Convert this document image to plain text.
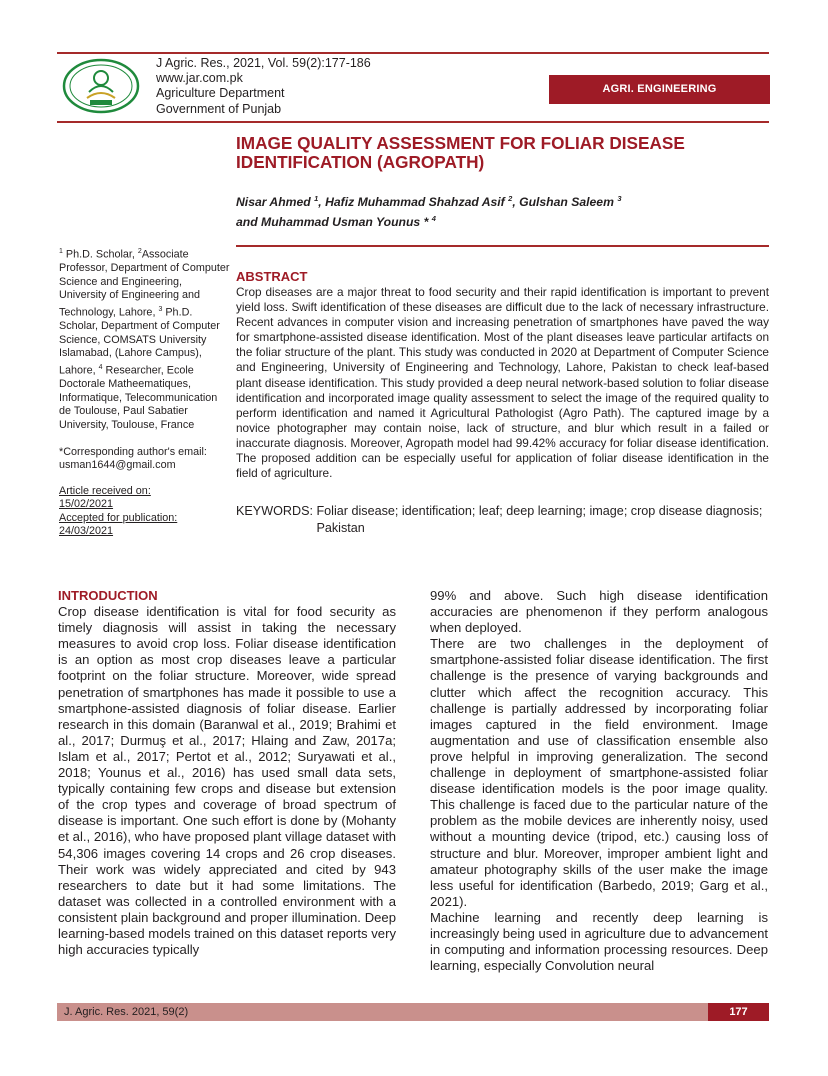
J Agric. Res., 2021, Vol. 59(2):177-186
www.jar.com.pk
Agriculture Department
Government of Punjab
AGRI. ENGINEERING
IMAGE QUALITY ASSESSMENT FOR FOLIAR DISEASE IDENTIFICATION (AGROPATH)
Nisar Ahmed $^1$, Hafiz Muhammad Shahzad Asif $^2$, Gulshan Saleem $^3$
and Muhammad Usman Younus * $^4$

$^1$ Ph.D. Scholar, $^2$Associate Professor, Department of Computer Science and Engineering, University of Engineering and Technology, Lahore, $^3$ Ph.D. Scholar, Department of Computer Science, COMSATS University Islamabad, (Lahore Campus), Lahore, $^4$ Researcher, Ecole Doctorale Matheematiques, Informatique, Telecommunication de Toulouse, Paul Sabatier University, Toulouse, France

*Corresponding author's email:
usman1644@gmail.com
Article received on:
15/02/2021
Accepted for publication:
24/03/2021
ABSTRACT
Crop diseases are a major threat to food security and their rapid identification is important to prevent yield loss. Swift identification of these diseases are difficult due to the lack of necessary infrastructure. Recent advances in computer vision and increasing penetration of smartphones have paved the way for smartphone-assisted disease identification. Most of the plant diseases leave particular artifacts on the foliar structure of the plant. This study was conducted in 2020 at Department of Computer Science and Engineering, University of Engineering and Technology, Lahore, Pakistan to check leaf-based plant disease identification. This study provided a deep neural network-based solution to foliar disease identification and incorporated image quality assessment to select the image of the required quality to perform identification and named it Agricultural Pathologist (Agro Path). The captured image by a novice photographer may contain noise, lack of structure, and blur which result in a failed or inaccurate diagnosis. Moreover, Agropath model had 99.42% accuracy for foliar disease identification. The proposed addition can be especially useful for application of foliar disease identification in the field of agriculture.
KEYWORDS: Foliar disease; identification; leaf; deep learning; image; crop disease diagnosis; Pakistan
INTRODUCTION

Crop disease identification is vital for food security as timely diagnosis will assist in taking the necessary measures to avoid crop loss. Foliar disease identification is an option as most crop diseases leave a particular footprint on the foliar structure. Moreover, wide spread penetration of smartphones has made it possible to use a smartphone-assisted diagnosis of foliar disease. Earlier research in this domain (Baranwal et al., 2019; Brahimi et al., 2017; Durmuş et al., 2017; Hlaing and Zaw, 2017a; Islam et al., 2017; Pertot et al., 2012; Suryawati et al., 2018; Younus et al., 2016) has used small data sets, typically containing few crops and disease but extension of the crop types and coverage of broad spectrum of disease is important. One such effort is done by (Mohanty et al., 2016), who have proposed plant village dataset with 54,306 images covering 14 crops and 26 crop diseases. Their work was widely appreciated and cited by 943 researchers to date but it had some limitations. The dataset was collected in a controlled environment with a consistent plain background and proper illumination. Deep learning-based models trained on this dataset reports very high accuracies typically

99% and above. Such high disease identification accuracies are phenomenon if they perform analogous when deployed.

There are two challenges in the deployment of smartphone-assisted foliar disease identification. The first challenge is the presence of varying backgrounds and clutter which affect the recognition accuracy. This challenge is partially addressed by incorporating foliar images captured in the field environment. Image augmentation and use of classification ensemble also prove helpful in improving generalization. The second challenge in deployment of smartphone-assisted foliar disease identification models is the poor image quality. This challenge is faced due to the particular nature of the problem as the mobile devices are inherently noisy, used without a mounting device (tripod, etc.) causing loss of structure and blur. Moreover, improper ambient light and amateur photography skills of the user make the image less useful for identification (Barbedo, 2019; Garg et al., 2021).

Machine learning and recently deep learning is increasingly being used in agriculture due to advancement in computing and information processing resources. Deep learning, especially Convolution neural

J. Agric. Res. 2021, 59(2)	177
